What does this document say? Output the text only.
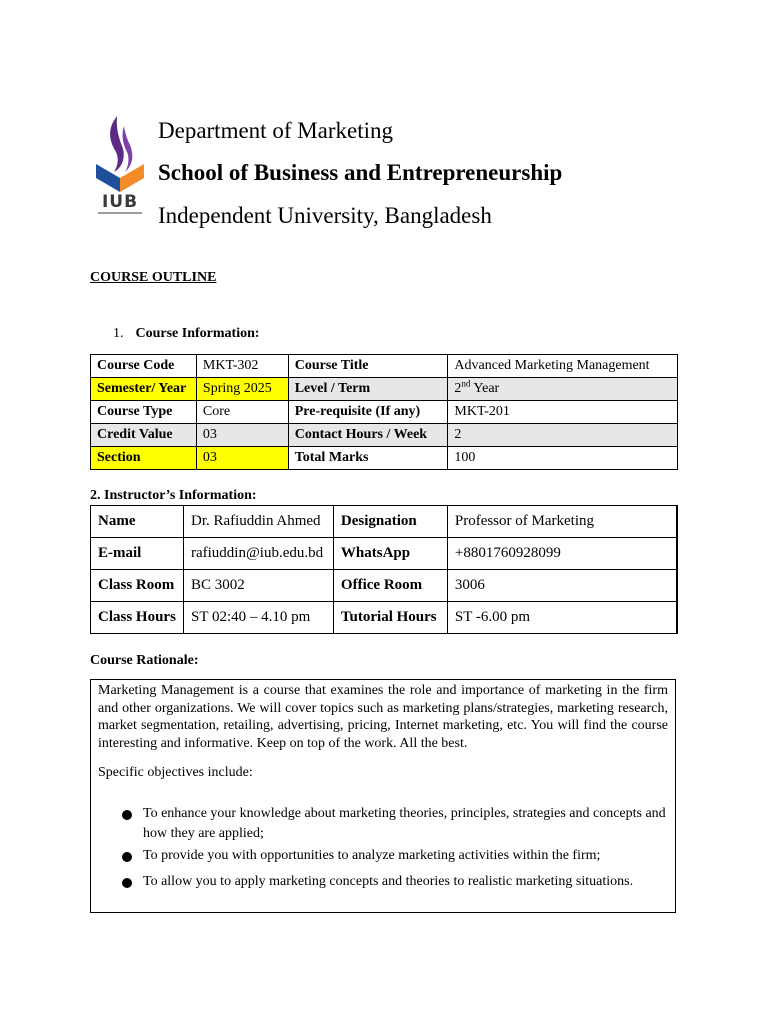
IUB
Department of Marketing
School of Business and Entrepreneurship
Independent University, Bangladesh
COURSE OUTLINE
1. Course Information:
Course Code	MKT-302	Course Title	Advanced Marketing Management
Semester/ Year	Spring 2025	Level / Term	2nd Year
Course Type	Core	Pre-requisite (If any)	MKT-201
Credit Value	03	Contact Hours / Week	2
Section	03	Total Marks	100
2. Instructor’s Information:
Name	Dr. Rafiuddin Ahmed	Designation	Professor of Marketing
E-mail	rafiuddin@iub.edu.bd	WhatsApp	+8801760928099
Class Room	BC 3002	Office Room	3006
Class Hours	ST 02:40 – 4.10 pm	Tutorial Hours	ST -6.00 pm
Course Rationale:

Marketing Management is a course that examines the role and importance of marketing in the firm and other organizations. We will cover topics such as marketing plans/strategies, marketing research, market segmentation, retailing, advertising, pricing, Internet marketing, etc. You will find the course interesting and informative. Keep on top of the work. All the best.

Specific objectives include:

To enhance your knowledge about marketing theories, principles, strategies and concepts and how they are applied;
To provide you with opportunities to analyze marketing activities within the firm;
To allow you to apply marketing concepts and theories to realistic marketing situations.
